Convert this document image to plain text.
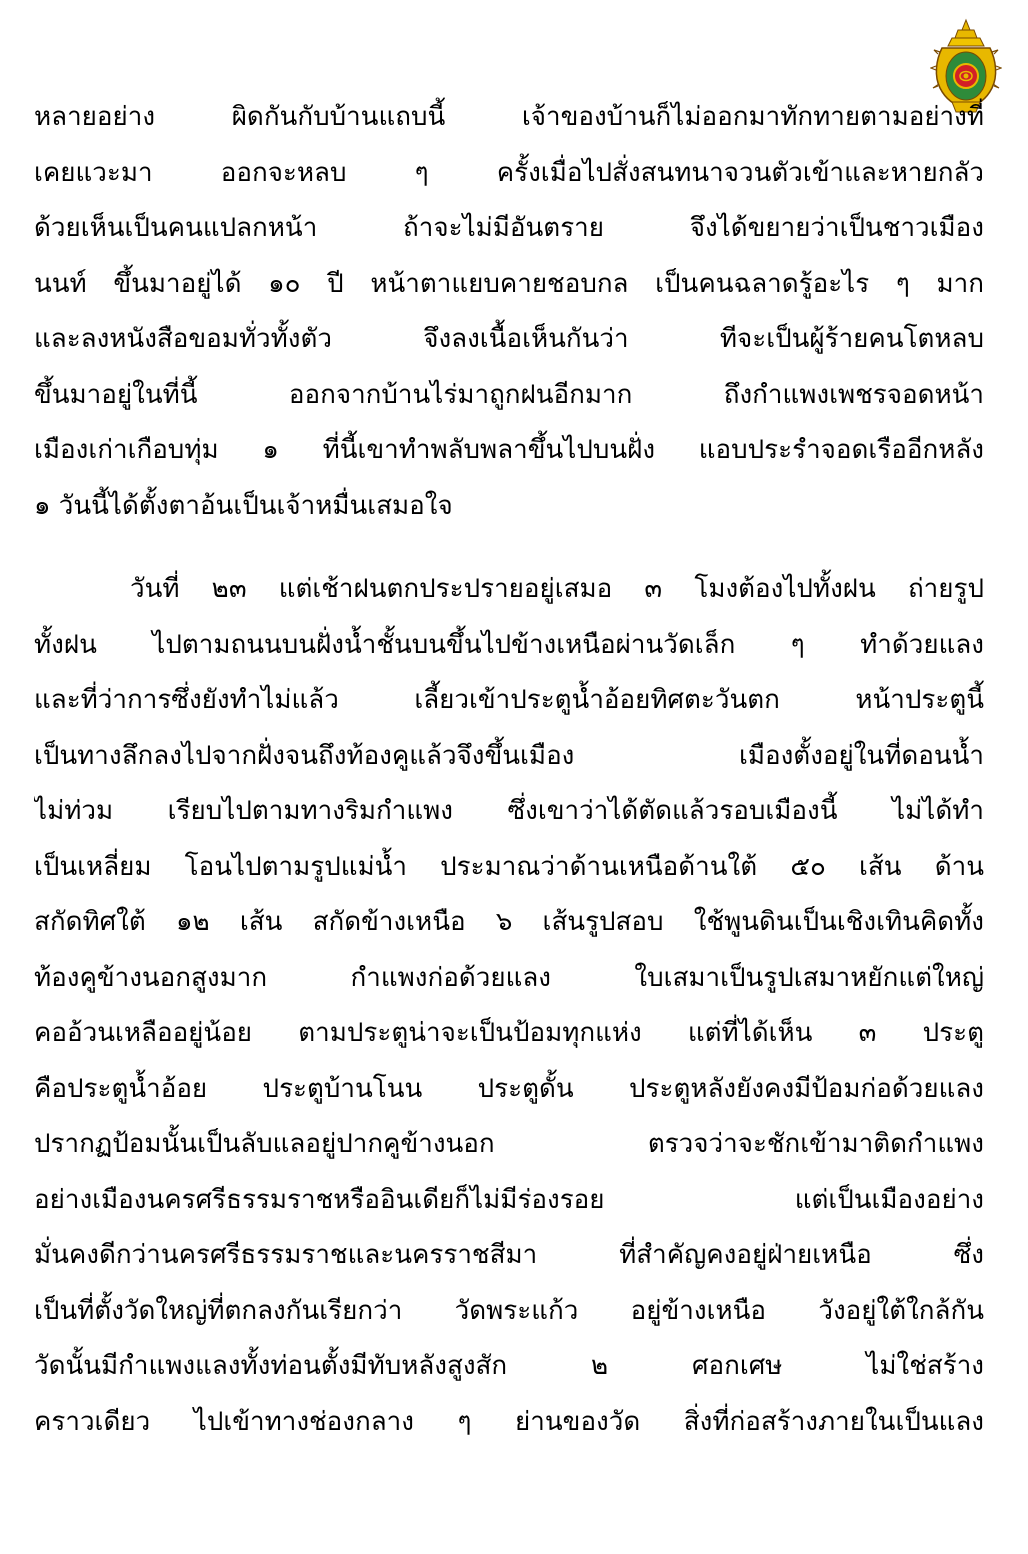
หลายอย่าง ผิดกันกับบ้านแถบนี้ เจ้าของบ้านก็ไม่ออกมาทักทายตามอย่างที่
เคยแวะมา ออกจะหลบ ๆ ครั้งเมื่อไปสั่งสนทนาจวนตัวเข้าและหายกลัว
ด้วยเห็นเป็นคนแปลกหน้า ถ้าจะไม่มีอันตราย จึงได้ขยายว่าเป็นชาวเมือง
นนท์ ขึ้นมาอยู่ได้ ๑๐ ปี หน้าตาแยบคายชอบกล เป็นคนฉลาดรู้อะไร ๆ มาก
และลงหนังสือขอมทั่วทั้งตัว จึงลงเนื้อเห็นกันว่า ทีจะเป็นผู้ร้ายคนโตหลบ
ขึ้นมาอยู่ในที่นี้ ออกจากบ้านไร่มาถูกฝนอีกมาก ถึงกำแพงเพชรจอดหน้า
เมืองเก่าเกือบทุ่ม ๑ ที่นี้เขาทำพลับพลาขึ้นไปบนฝั่ง แอบประรำจอดเรืออีกหลัง
๑ วันนี้ได้ตั้งตาอ้นเป็นเจ้าหมื่นเสมอใจ
วันที่ ๒๓ แต่เช้าฝนตกประปรายอยู่เสมอ ๓ โมงต้องไปทั้งฝน ถ่ายรูป
ทั้งฝน ไปตามถนนบนฝั่งน้ำชั้นบนขึ้นไปข้างเหนือผ่านวัดเล็ก ๆ ทำด้วยแลง
และที่ว่าการซึ่งยังทำไม่แล้ว เลี้ยวเข้าประตูน้ำอ้อยทิศตะวันตก หน้าประตูนี้
เป็นทางลึกลงไปจากฝั่งจนถึงท้องคูแล้วจึงขึ้นเมือง เมืองตั้งอยู่ในที่ดอนน้ำ
ไม่ท่วม เรียบไปตามทางริมกำแพง ซึ่งเขาว่าได้ตัดแล้วรอบเมืองนี้ ไม่ได้ทำ
เป็นเหลี่ยม โอนไปตามรูปแม่น้ำ ประมาณว่าด้านเหนือด้านใต้ ๕๐ เส้น ด้าน
สกัดทิศใต้ ๑๒ เส้น สกัดข้างเหนือ ๖ เส้นรูปสอบ ใช้พูนดินเป็นเชิงเทินคิดทั้ง
ท้องคูข้างนอกสูงมาก กำแพงก่อด้วยแลง ใบเสมาเป็นรูปเสมาหยักแต่ใหญ่
คออ้วนเหลืออยู่น้อย ตามประตูน่าจะเป็นป้อมทุกแห่ง แต่ที่ได้เห็น ๓ ประตู
คือประตูน้ำอ้อย ประตูบ้านโนน ประตูดั้น ประตูหลังยังคงมีป้อมก่อด้วยแลง
ปรากฏป้อมนั้นเป็นลับแลอยู่ปากคูข้างนอก ตรวจว่าจะชักเข้ามาติดกำแพง
อย่างเมืองนครศรีธรรมราชหรืออินเดียก็ไม่มีร่องรอย แต่เป็นเมืองอย่าง
มั่นคงดีกว่านครศรีธรรมราชและนครราชสีมา ที่สำคัญคงอยู่ฝ่ายเหนือ ซึ่ง
เป็นที่ตั้งวัดใหญ่ที่ตกลงกันเรียกว่า วัดพระแก้ว อยู่ข้างเหนือ วังอยู่ใต้ใกล้กัน
วัดนั้นมีกำแพงแลงทั้งท่อนตั้งมีทับหลังสูงสัก ๒ ศอกเศษ ไม่ใช่สร้าง
คราวเดียว ไปเข้าทางช่องกลาง ๆ ย่านของวัด สิ่งที่ก่อสร้างภายในเป็นแลง
